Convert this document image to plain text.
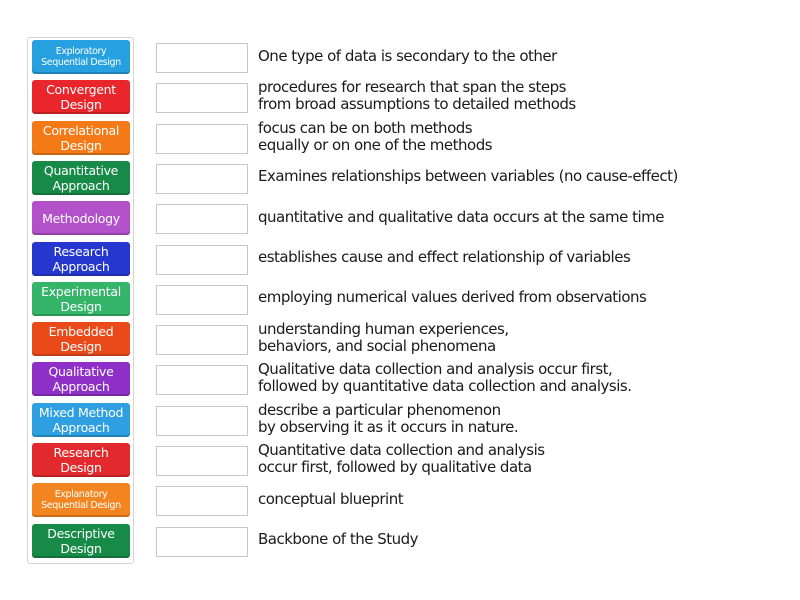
Exploratory Sequential Design
Convergent Design
Correlational Design
Quantitative Approach
Methodology
Research Approach
Experimental Design
Embedded Design
Qualitative Approach
Mixed Method Approach
Research Design
Explanatory Sequential Design
Descriptive Design
One type of data is secondary to the other
procedures for research that span the steps
from broad assumptions to detailed methods
focus can be on both methods
equally or on one of the methods
Examines relationships between variables (no cause-effect)
quantitative and qualitative data occurs at the same time
establishes cause and effect relationship of variables
employing numerical values derived from observations
understanding human experiences,
behaviors, and social phenomena
Qualitative data collection and analysis occur first,
followed by quantitative data collection and analysis.
describe a particular phenomenon
by observing it as it occurs in nature.
Quantitative data collection and analysis
occur first, followed by qualitative data
conceptual blueprint
Backbone of the Study
